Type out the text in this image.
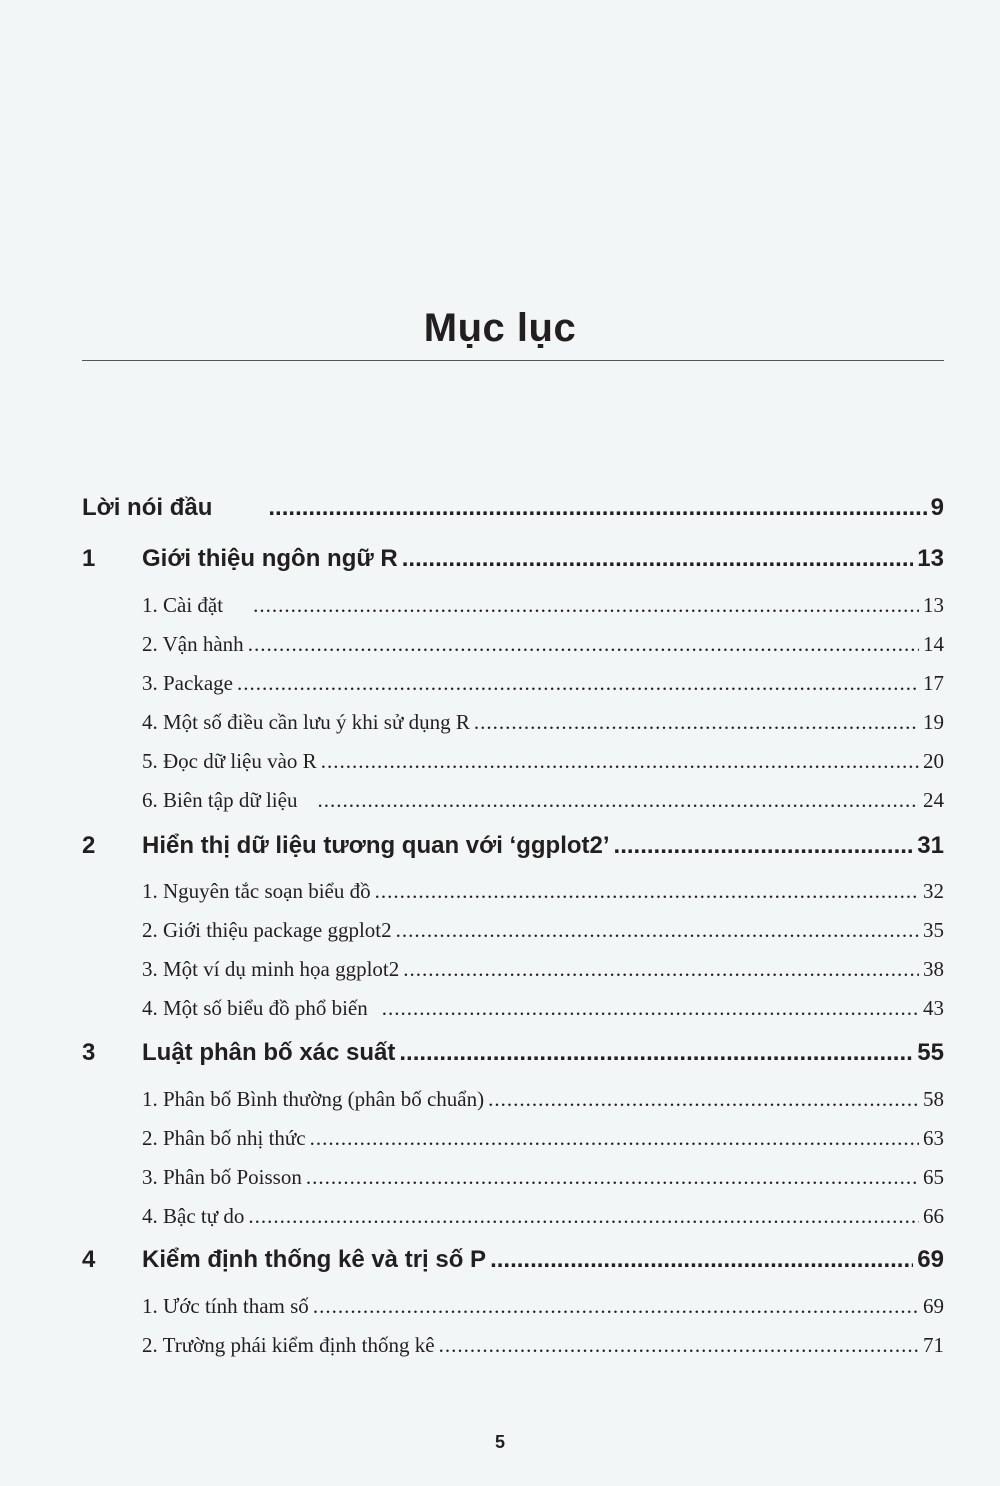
Mục lục
Lời nói đầu .....	9
1	Giới thiệu ngôn ngữ R .....	13
1. Cài đặt .....	13
2. Vận hành .....	14
3. Package .....	17
4. Một số điều cần lưu ý khi sử dụng R .....	19
5. Đọc dữ liệu vào R .....	20
6. Biên tập dữ liệu .....	24
2	Hiển thị dữ liệu tương quan với ‘ggplot2’ .....	31
1. Nguyên tắc soạn biểu đồ .....	32
2. Giới thiệu package ggplot2 .....	35
3. Một ví dụ minh họa ggplot2 .....	38
4. Một số biểu đồ phổ biến .....	43
3	Luật phân bố xác suất .....	55
1. Phân bố Bình thường (phân bố chuẩn) .....	58
2. Phân bố nhị thức .....	63
3. Phân bố Poisson .....	65
4. Bậc tự do .....	66
4	Kiểm định thống kê và trị số P .....	69
1. Ước tính tham số .....	69
2. Trường phái kiểm định thống kê .....	71
5
